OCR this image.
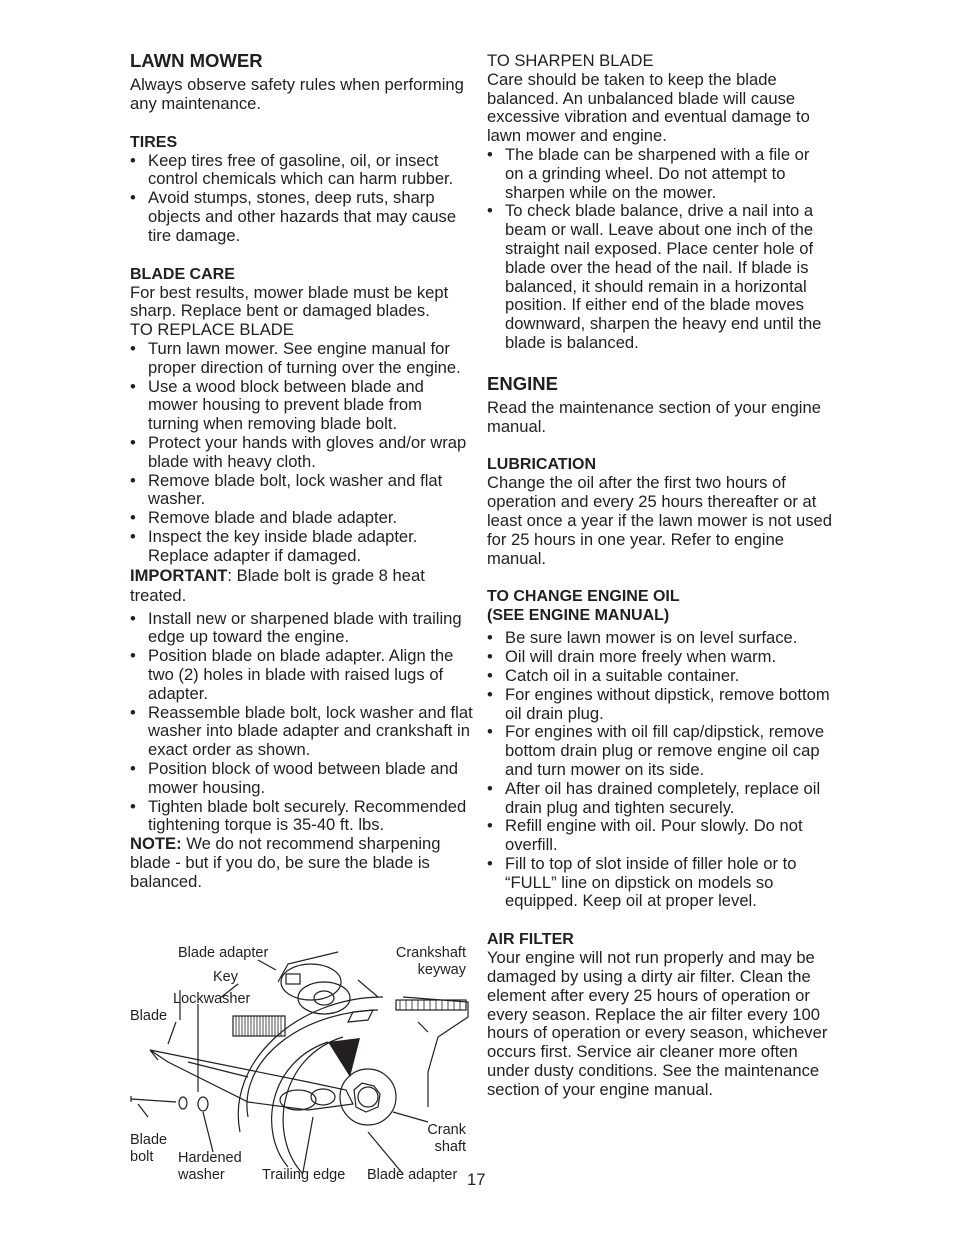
LAWN MOWER

Always observe safety rules when performing any maintenance.

TIRES
• Keep tires free of gasoline, oil, or insect control chemicals which can harm rubber.
• Avoid stumps, stones, deep ruts, sharp objects and other hazards that may cause tire damage.
BLADE CARE

For best results, mower blade must be kept sharp. Replace bent or damaged blades.

TO REPLACE BLADE

• Turn lawn mower. See engine manual for proper direction of turning over the engine.
• Use a wood block between blade and mower housing to prevent blade from turning when removing blade bolt.
• Protect your hands with gloves and/or wrap blade with heavy cloth.
• Remove blade bolt, lock washer and flat washer.
• Remove blade and blade adapter.
• Inspect the key inside blade adapter. Replace adapter if damaged.

IMPORTANT: Blade bolt is grade 8 heat treated.

• Install new or sharpened blade with trailing edge up toward the engine.
• Position blade on blade adapter. Align the two (2) holes in blade with raised lugs of adapter.
• Reassemble blade bolt, lock washer and flat washer into blade adapter and crankshaft in exact order as shown.
• Position block of wood between blade and mower housing.
• Tighten blade bolt securely. Recommended tightening torque is 35-40 ft. lbs.

NOTE: We do not recommend sharpening blade - but if you do, be sure the blade is balanced.

Blade adapter
Key
Lockwasher
Blade
Crankshaft
keyway
Blade
bolt	Hardened
washer	Trailing edge Blade adapter
Crank
shaft

TO SHARPEN BLADE

Care should be taken to keep the blade balanced. An unbalanced blade will cause excessive vibration and eventual damage to lawn mower and engine.

• The blade can be sharpened with a file or on a grinding wheel. Do not attempt to sharpen while on the mower.
• To check blade balance, drive a nail into a beam or wall. Leave about one inch of the straight nail exposed. Place center hole of blade over the head of the nail. If blade is balanced, it should remain in a horizontal position. If either end of the blade moves downward, sharpen the heavy end until the blade is balanced.
ENGINE

Read the maintenance section of your engine manual.

LUBRICATION

Change the oil after the first two hours of operation and every 25 hours thereafter or at least once a year if the lawn mower is not used for 25 hours in one year. Refer to engine manual.

TO CHANGE ENGINE OIL
(SEE ENGINE MANUAL)
• Be sure lawn mower is on level surface.
• Oil will drain more freely when warm.
• Catch oil in a suitable container.
• For engines without dipstick, remove bottom oil drain plug.
• For engines with oil fill cap/dipstick, remove bottom drain plug or remove engine oil cap and turn mower on its side.
• After oil has drained completely, replace oil drain plug and tighten securely.
• Refill engine with oil. Pour slowly. Do not overfill.
• Fill to top of slot inside of filler hole or to “FULL” line on dipstick on models so equipped. Keep oil at proper level.
AIR FILTER

Your engine will not run properly and may be damaged by using a dirty air filter. Clean the element after every 25 hours of operation or every season. Replace the air filter every 100 hours of operation or every season, whichever occurs first. Service air cleaner more often under dusty conditions. See the maintenance section of your engine manual.

17
